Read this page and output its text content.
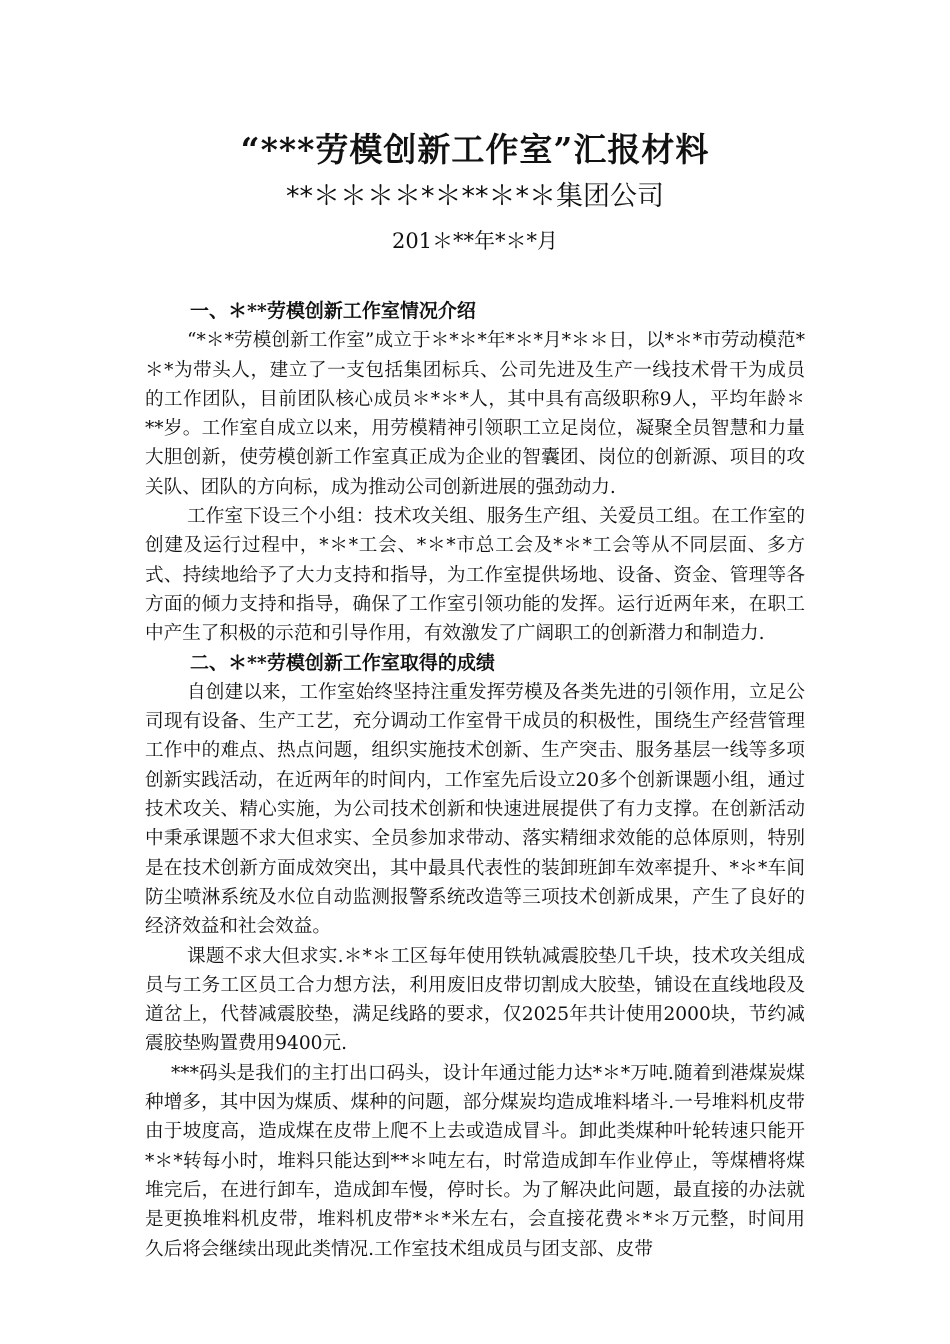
“***劳模创新工作室”汇报材料
**＊＊＊＊*＊**＊*＊集团公司
201＊**年*＊*月

一、＊**劳模创新工作室情况介绍

“*＊*劳模创新工作室”成立于＊*＊*年*＊*月*＊＊日，以*＊*市劳动模范*＊*为带头人，建立了一支包括集团标兵、公司先进及生产一线技术骨干为成员的工作团队，目前团队核心成员＊*＊*人，其中具有高级职称9人，平均年龄＊**岁。工作室自成立以来，用劳模精神引领职工立足岗位，凝聚全员智慧和力量大胆创新，使劳模创新工作室真正成为企业的智囊团、岗位的创新源、项目的攻关队、团队的方向标，成为推动公司创新进展的强劲动力.

工作室下设三个小组：技术攻关组、服务生产组、关爱员工组。在工作室的创建及运行过程中，*＊*工会、*＊*市总工会及*＊*工会等从不同层面、多方式、持续地给予了大力支持和指导，为工作室提供场地、设备、资金、管理等各方面的倾力支持和指导，确保了工作室引领功能的发挥。运行近两年来，在职工中产生了积极的示范和引导作用，有效激发了广阔职工的创新潜力和制造力.

二、＊**劳模创新工作室取得的成绩

自创建以来，工作室始终坚持注重发挥劳模及各类先进的引领作用，立足公司现有设备、生产工艺，充分调动工作室骨干成员的积极性，围绕生产经营管理工作中的难点、热点问题，组织实施技术创新、生产突击、服务基层一线等多项创新实践活动，在近两年的时间内，工作室先后设立20多个创新课题小组，通过技术攻关、精心实施，为公司技术创新和快速进展提供了有力支撑。在创新活动中秉承课题不求大但求实、全员参加求带动、落实精细求效能的总体原则，特别是在技术创新方面成效突出，其中最具代表性的装卸班卸车效率提升、*＊*车间防尘喷淋系统及水位自动监测报警系统改造等三项技术创新成果，产生了良好的经济效益和社会效益。

课题不求大但求实.＊*＊工区每年使用铁轨减震胶垫几千块，技术攻关组成员与工务工区员工合力想方法，利用废旧皮带切割成大胶垫，铺设在直线地段及道岔上，代替减震胶垫，满足线路的要求，仅2025年共计使用2000块，节约减震胶垫购置费用9400元.

***码头是我们的主打出口码头，设计年通过能力达*＊*万吨.随着到港煤炭煤种增多，其中因为煤质、煤种的问题，部分煤炭均造成堆料堵斗.一号堆料机皮带由于坡度高，造成煤在皮带上爬不上去或造成冒斗。卸此类煤种叶轮转速只能开*＊*转每小时，堆料只能达到**＊吨左右，时常造成卸车作业停止，等煤槽将煤堆完后，在进行卸车，造成卸车慢，停时长。为了解决此问题，最直接的办法就是更换堆料机皮带，堆料机皮带*＊*米左右，会直接花费＊*＊万元整，时间用久后将会继续出现此类情况.工作室技术组成员与团支部、皮带
